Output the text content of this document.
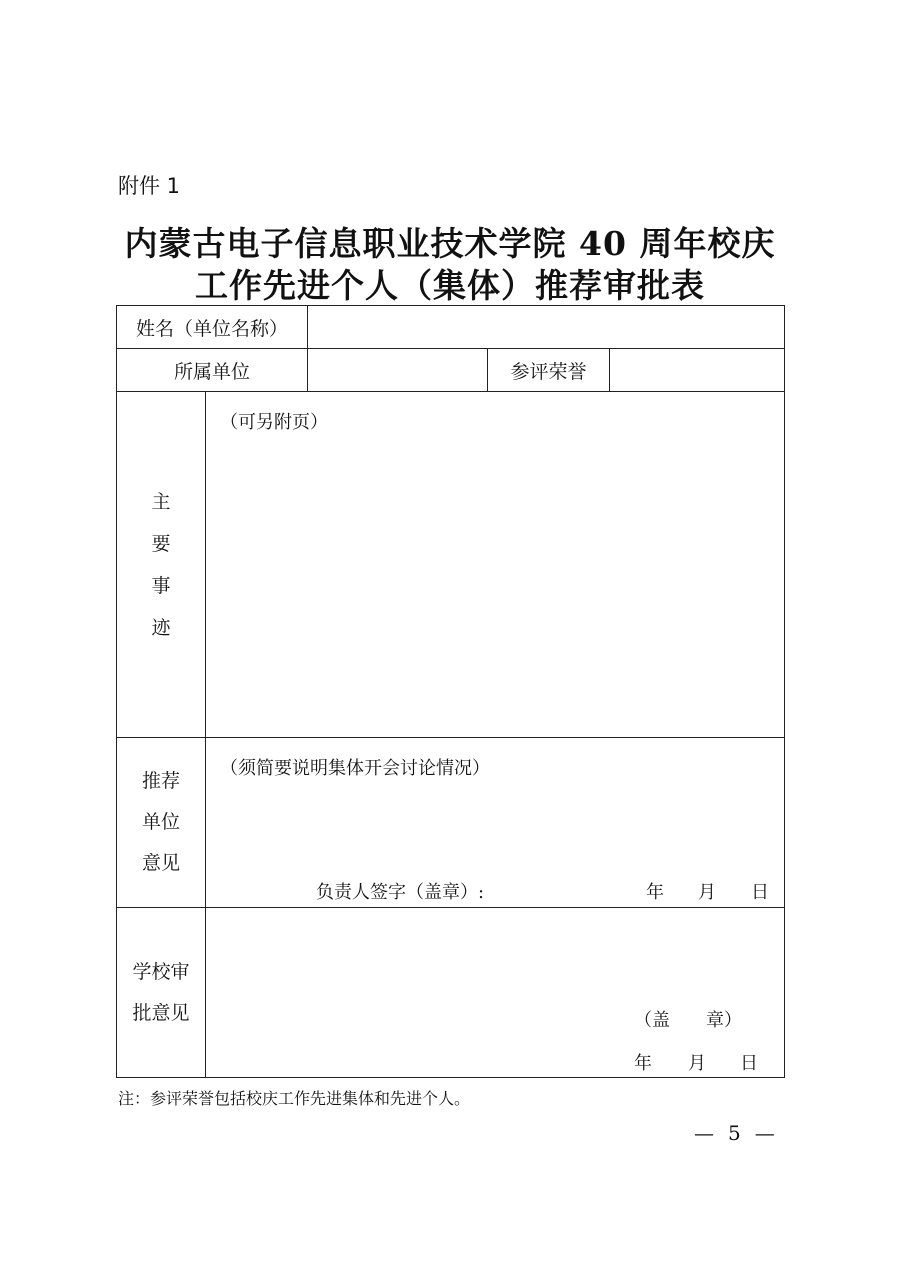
附件 1
内蒙古电子信息职业技术学院 40 周年校庆
工作先进个人（集体）推荐审批表
姓名（单位名称）				
所属单位			参评荣誉	

主
要
事
迹	（可另附页）			

推荐
单位
意见	（须简要说明集体开会讨论情况）
负责人签字（盖章）: 年 月 日			

学校审
批意见	（盖　　章）
年 月 日			
注：参评荣誉包括校庆工作先进集体和先进个人。
— 5 —
